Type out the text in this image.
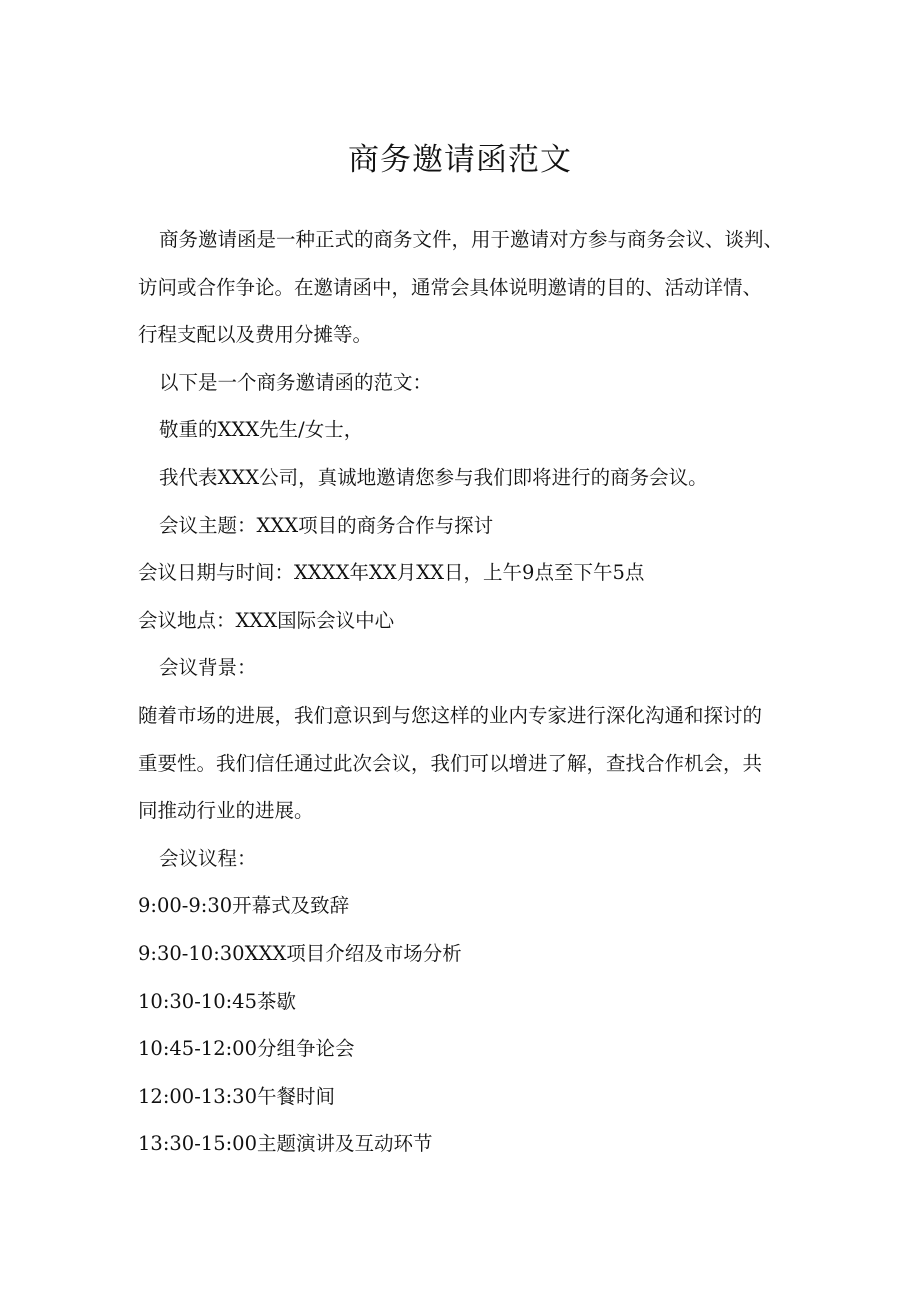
商务邀请函范文

商务邀请函是一种正式的商务文件，用于邀请对方参与商务会议、谈判、

访问或合作争论。在邀请函中，通常会具体说明邀请的目的、活动详情、

行程支配以及费用分摊等。

以下是一个商务邀请函的范文：

敬重的XXX先生/女士，

我代表XXX公司，真诚地邀请您参与我们即将进行的商务会议。

会议主题：XXX项目的商务合作与探讨

会议日期与时间：XXXX年XX月XX日，上午9点至下午5点

会议地点：XXX国际会议中心

会议背景：

随着市场的进展，我们意识到与您这样的业内专家进行深化沟通和探讨的

重要性。我们信任通过此次会议，我们可以增进了解，查找合作机会，共

同推动行业的进展。

会议议程：

9:00-9:30开幕式及致辞

9:30-10:30XXX项目介绍及市场分析

10:30-10:45茶歇

10:45-12:00分组争论会

12:00-13:30午餐时间

13:30-15:00主题演讲及互动环节
